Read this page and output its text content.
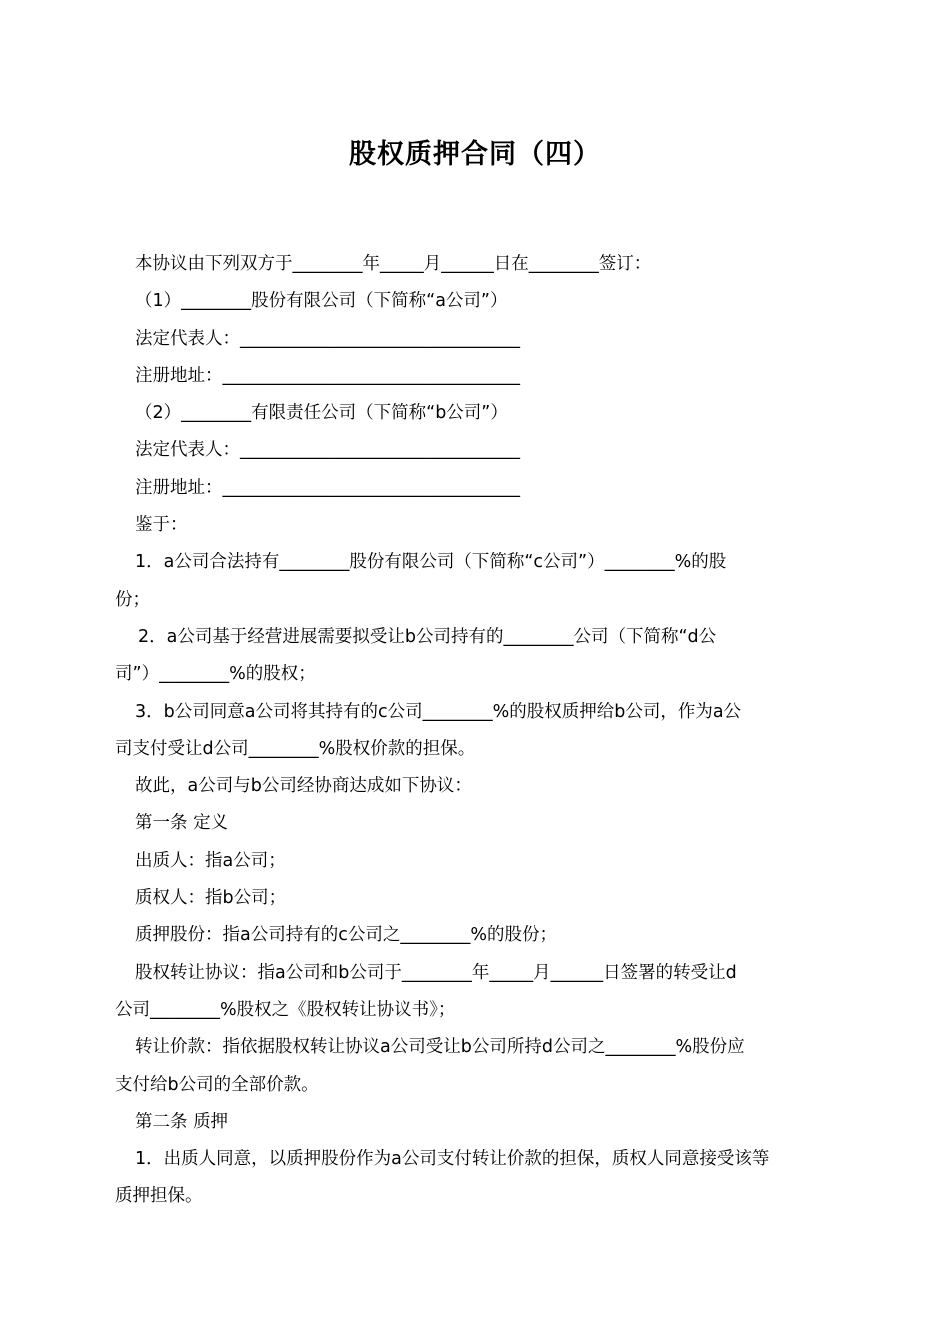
股权质押合同（四）

本协议由下列双方于________年_____月______日在________签订：

（1）________股份有限公司（下简称“a公司”）

法定代表人：________________________________

注册地址：__________________________________

（2）________有限责任公司（下简称“b公司”）

法定代表人：________________________________

注册地址：__________________________________

鉴于：

1．a公司合法持有________股份有限公司（下简称“c公司”）________%的股

份；

2．a公司基于经营进展需要拟受让b公司持有的________公司（下简称“d公

司”）________%的股权；

3．b公司同意a公司将其持有的c公司________%的股权质押给b公司，作为a公

司支付受让d公司________%股权价款的担保。

故此，a公司与b公司经协商达成如下协议：

第一条 定义

出质人：指a公司；

质权人：指b公司；

质押股份：指a公司持有的c公司之________%的股份；

股权转让协议：指a公司和b公司于________年_____月______日签署的转受让d

公司________%股权之《股权转让协议书》；

转让价款：指依据股权转让协议a公司受让b公司所持d公司之________%股份应

支付给b公司的全部价款。

第二条 质押

1．出质人同意，以质押股份作为a公司支付转让价款的担保，质权人同意接受该等

质押担保。
